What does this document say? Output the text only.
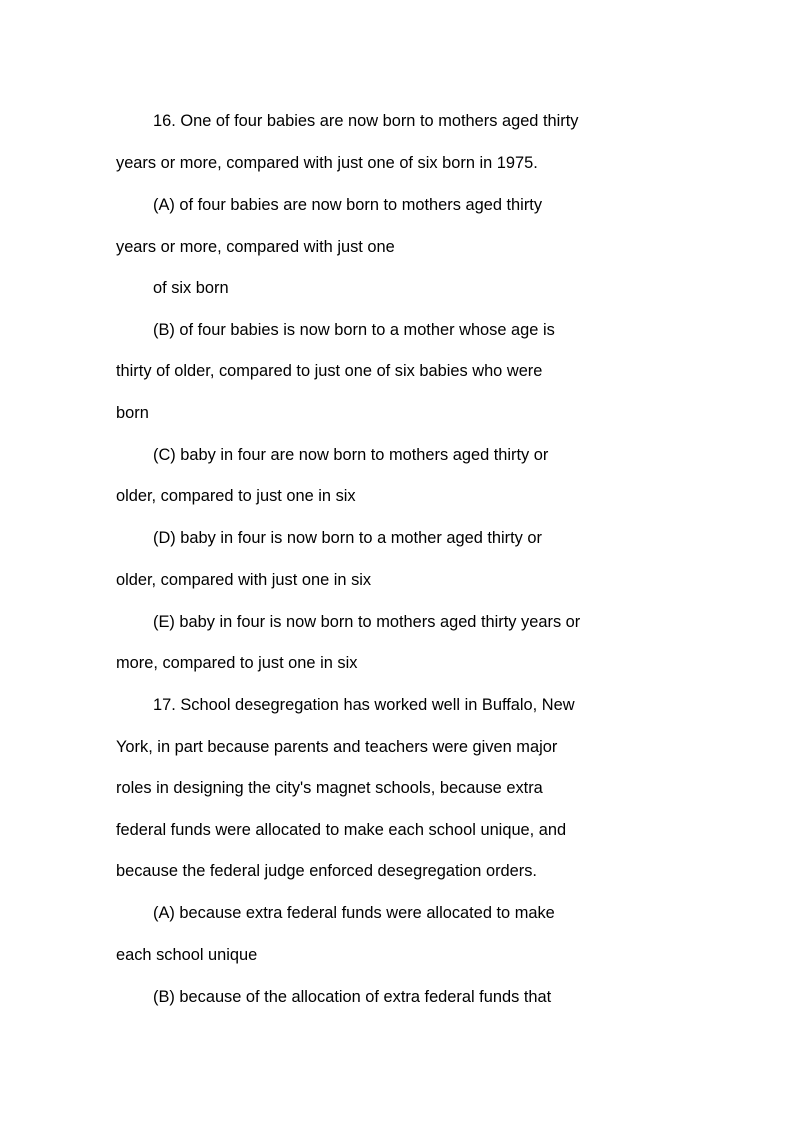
16. One of four babies are now born to mothers aged thirty

years or more, compared with just one of six born in 1975.

(A) of four babies are now born to mothers aged thirty

years or more, compared with just one

of six born

(B) of four babies is now born to a mother whose age is

thirty of older, compared to just one of six babies who were

born

(C) baby in four are now born to mothers aged thirty or

older, compared to just one in six

(D) baby in four is now born to a mother aged thirty or

older, compared with just one in six

(E) baby in four is now born to mothers aged thirty years or

more, compared to just one in six

17. School desegregation has worked well in Buffalo, New

York, in part because parents and teachers were given major

roles in designing the city's magnet schools, because extra

federal funds were allocated to make each school unique, and

because the federal judge enforced desegregation orders.

(A) because extra federal funds were allocated to make

each school unique

(B) because of the allocation of extra federal funds that
